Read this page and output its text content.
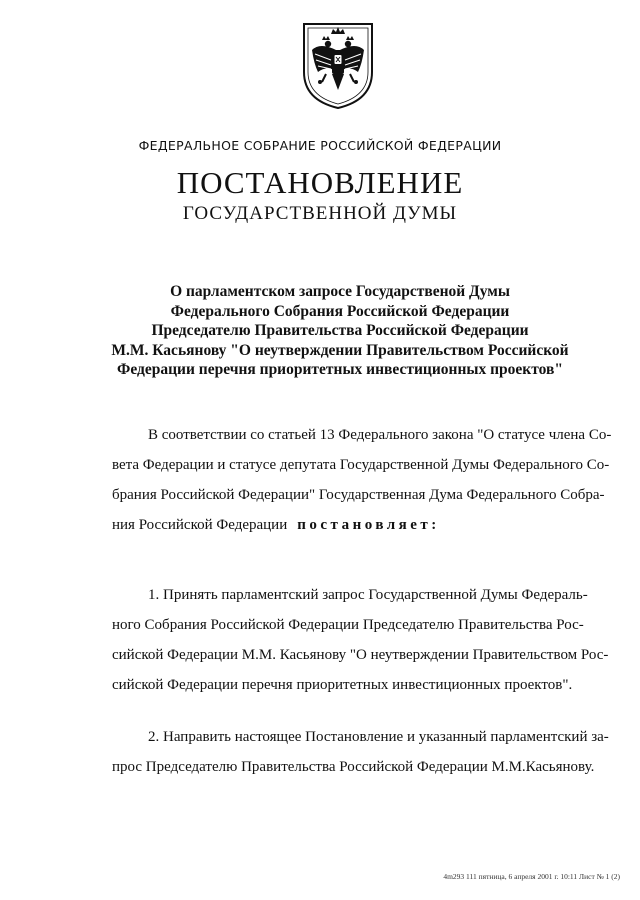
ФЕДЕРАЛЬНОЕ СОБРАНИЕ РОССИЙСКОЙ ФЕДЕРАЦИИ
ПОСТАНОВЛЕНИЕ
ГОСУДАРСТВЕННОЙ ДУМЫ
О парламентском запросе Государственой Думы
Федерального Собрания Российской Федерации
Председателю Правительства Российской Федерации
М.М. Касьянову "О неутверждении Правительством Российской
Федерации перечня приоритетных инвестиционных проектов"
В соответствии со статьей 13 Федерального закона "О статусе члена Со-
вета Федерации и статусе депутата Государственной Думы Федерального Со-
брания Российской Федерации" Государственная Дума Федерального Собра-
ния Российской Федерации постановляет:
1. Принять парламентский запрос Государственной Думы Федераль-
ного Собрания Российской Федерации Председателю Правительства Рос-
сийской Федерации М.М. Касьянову "О неутверждении Правительством Рос-
сийской Федерации перечня приоритетных инвестиционных проектов".
2. Направить настоящее Постановление и указанный парламентский за-
прос Председателю Правительства Российской Федерации М.М.Касьянову.
4m293 111 пятница, 6 апреля 2001 г. 10:11 Лист № 1 (2)
